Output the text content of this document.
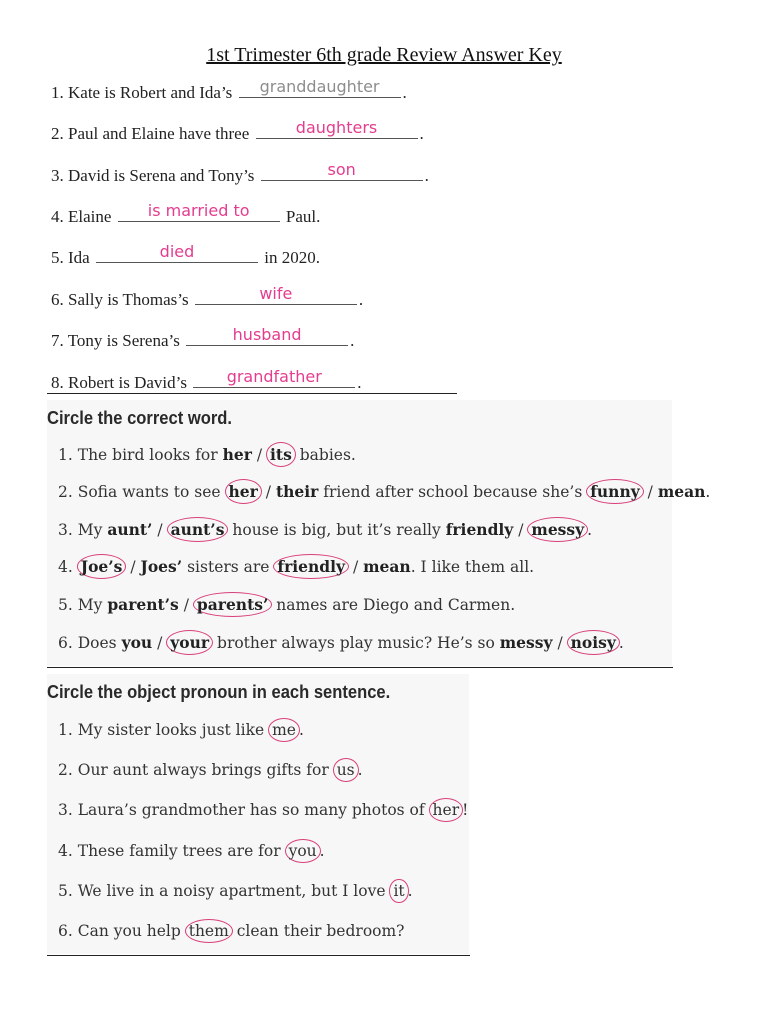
1st Trimester 6th grade Review Answer Key
1. Kate is Robert and Ida’s	granddaughter	.
2. Paul and Elaine have three	daughters	.
3. David is Serena and Tony’s	son	.
4. Elaine	is married to	Paul.
5. Ida	died	in 2020.
6. Sally is Thomas’s	wife	.
7. Tony is Serena’s	husband	.
8. Robert is David’s	grandfather	.
Circle the correct word.
1. The bird looks for her / its babies.
2. Sofia wants to see her / their friend after school because she’s funny / mean.
3. My aunt’ / aunt’s house is big, but it’s really friendly / messy .
4. Joe’s / Joes’ sisters are friendly / mean. I like them all.
5. My parent’s / parents’ names are Diego and Carmen.
6. Does you / your brother always play music? He’s so messy / noisy .
Circle the object pronoun in each sentence.
1. My sister looks just like me .
2. Our aunt always brings gifts for us .
3. Laura’s grandmother has so many photos of her !
4. These family trees are for you .
5. We live in a noisy apartment, but I love it .
6. Can you help them clean their bedroom?
